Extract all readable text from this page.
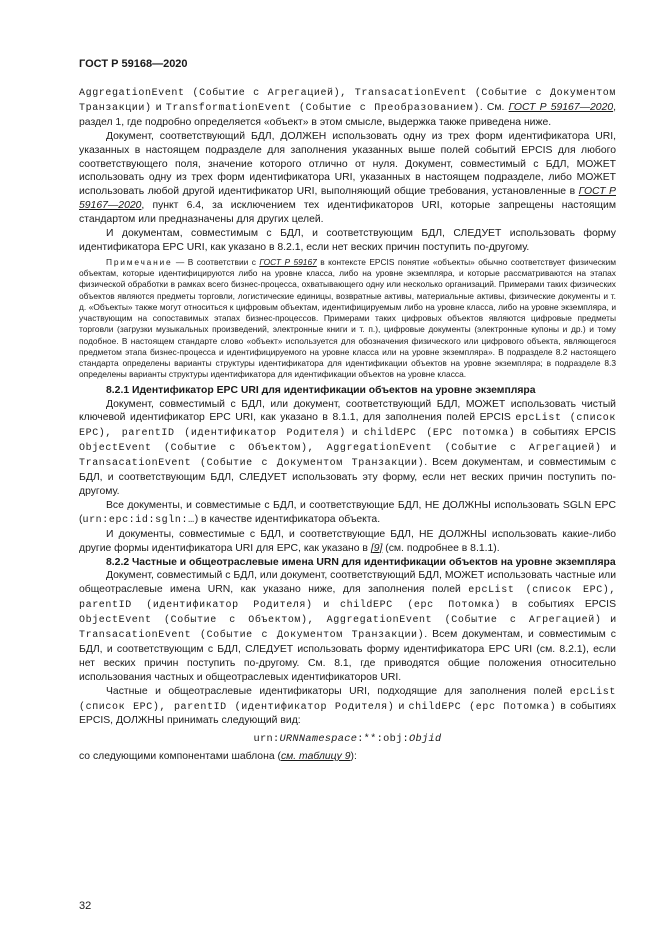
ГОСТ Р 59168—2020

AggregationEvent (Событие с Агрегацией), TransacationEvent (Событие с Документом Транзакции) и TransformationEvent (Событие с Преобразованием). См. ГОСТ Р 59167—2020, раздел 1, где подробно определяется «объект» в этом смысле, выдержка также приведена ниже.

Документ, соответствующий БДЛ, ДОЛЖЕН использовать одну из трех форм идентификатора URI, указанных в настоящем подразделе для заполнения указанных выше полей событий EPCIS для любого соответствующего поля, значение которого отлично от нуля. Документ, совместимый с БДЛ, МОЖЕТ использовать одну из трех форм идентификатора URI, указанных в настоящем подразделе, либо МОЖЕТ использовать любой другой идентификатор URI, выполняющий общие требования, установленные в ГОСТ Р 59167—2020, пункт 6.4, за исключением тех идентификаторов URI, которые запрещены настоящим стандартом или предназначены для других целей.

И документам, совместимым с БДЛ, и соответствующим БДЛ, СЛЕДУЕТ использовать форму идентификатора EPC URI, как указано в 8.2.1, если нет веских причин поступить по-другому.

Примечание — В соответствии с ГОСТ Р 59167 в контексте EPCIS понятие «объекты» обычно соответствует физическим объектам, которые идентифицируются либо на уровне класса, либо на уровне экземпляра, и которые рассматриваются на этапах физической обработки в рамках всего бизнес-процесса, охватывающего одну или несколько организаций. Примерами таких физических объектов являются предметы торговли, логистические единицы, возвратные активы, материальные активы, физические документы и т. д. «Объекты» также могут относиться к цифровым объектам, идентифицируемым либо на уровне класса, либо на уровне экземпляра, и участвующим на сопоставимых этапах бизнес-процессов. Примерами таких цифровых объектов являются цифровые предметы торговли (загрузки музыкальных произведений, электронные книги и т. п.), цифровые документы (электронные купоны и др.) и тому подобное. В настоящем стандарте слово «объект» используется для обозначения физического или цифрового объекта, являющегося предметом этапа бизнес-процесса и идентифицируемого на уровне класса или на уровне экземпляра». В подразделе 8.2 настоящего стандарта определены варианты структуры идентификатора для идентификации объектов на уровне экземпляра; в подразделе 8.3 определены варианты структуры идентификатора для идентификации объектов на уровне класса.

8.2.1 Идентификатор EPC URI для идентификации объектов на уровне экземпляра

Документ, совместимый с БДЛ, или документ, соответствующий БДЛ, МОЖЕТ использовать чистый ключевой идентификатор EPC URI, как указано в 8.1.1, для заполнения полей EPCIS epcList (список EPC), parentID (идентификатор Родителя) и childEPC (EPC потомка) в событиях EPCIS ObjectEvent (Событие с Объектом), AggregationEvent (Событие с Агрегацией) и TransacationEvent (Событие с Документом Транзакции). Всем документам, и совместимым с БДЛ, и соответствующим БДЛ, СЛЕДУЕТ использовать эту форму, если нет веских причин поступить по-другому.

Все документы, и совместимые с БДЛ, и соответствующие БДЛ, НЕ ДОЛЖНЫ использовать SGLN EPC (urn:epc:id:sgln:…) в качестве идентификатора объекта.

И документы, совместимые с БДЛ, и соответствующие БДЛ, НЕ ДОЛЖНЫ использовать какие-либо другие формы идентификатора URI для EPC, как указано в [9] (см. подробнее в 8.1.1).

8.2.2 Частные и общеотраслевые имена URN для идентификации объектов на уровне экземпляра

Документ, совместимый с БДЛ, или документ, соответствующий БДЛ, МОЖЕТ использовать частные или общеотраслевые имена URN, как указано ниже, для заполнения полей epcList (список EPC), parentID (идентификатор Родителя) и childEPC (epc Потомка) в событиях EPCIS ObjectEvent (Событие с Объектом), AggregationEvent (Событие с Агрегацией) и TransacationEvent (Событие с Документом Транзакции). Всем документам, и совместимым с БДЛ, и соответствующим с БДЛ, СЛЕДУЕТ использовать форму идентификатора EPC URI (см. 8.2.1), если нет веских причин поступить по-другому. См. 8.1, где приводятся общие положения относительно использования частных и общеотраслевых идентификаторов URI.

Частные и общеотраслевые идентификаторы URI, подходящие для заполнения полей epcList (список EPC), parentID (идентификатор Родителя) и childEPC (epc Потомка) в событиях EPCIS, ДОЛЖНЫ принимать следующий вид:

urn:URNNamespace:**:obj:Objid

со следующими компонентами шаблона (см. таблицу 9):

32
